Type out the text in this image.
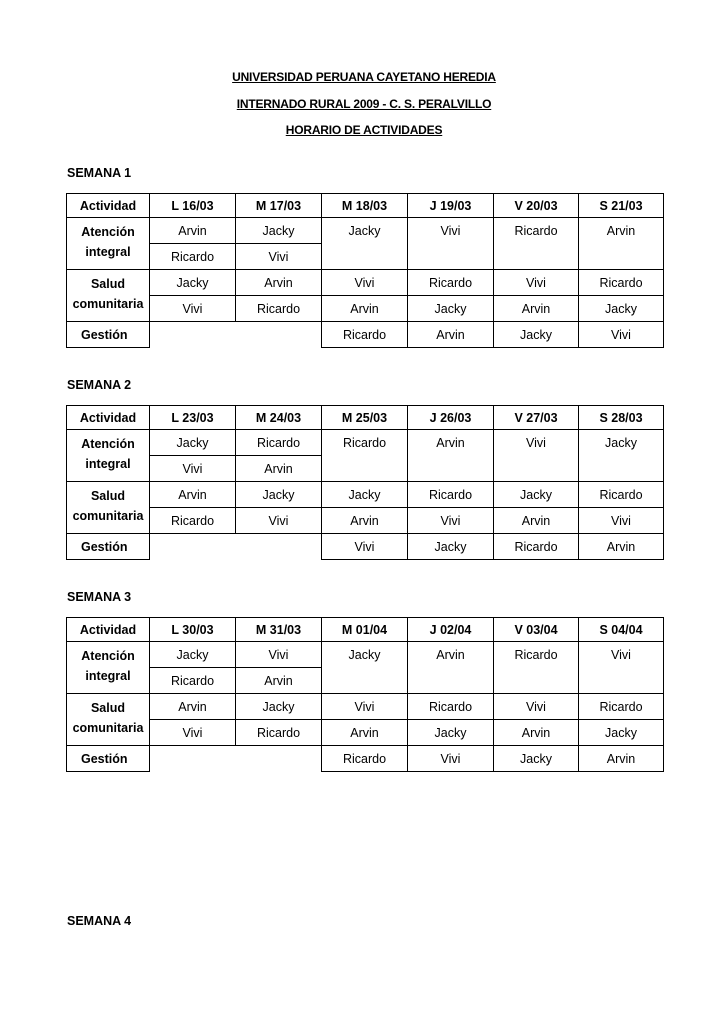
UNIVERSIDAD PERUANA CAYETANO HEREDIA
INTERNADO RURAL 2009 - C. S. PERALVILLO
HORARIO DE ACTIVIDADES
SEMANA 1
Actividad	L 16/03	M 17/03	M 18/03	J 19/03	V 20/03	S 21/03

Atención
integral	Arvin	Jacky	Jacky	Vivi	Ricardo	Arvin
	Ricardo	Vivi				

Salud
comunitaria	Jacky	Arvin	Vivi	Ricardo	Vivi	Ricardo
	Vivi	Ricardo	Arvin	Jacky	Arvin	Jacky
Gestión			Ricardo	Arvin	Jacky	Vivi
SEMANA 2
Actividad	L 23/03	M 24/03	M 25/03	J 26/03	V 27/03	S 28/03

Atención
integral	Jacky	Ricardo	Ricardo	Arvin	Vivi	Jacky
	Vivi	Arvin				

Salud
comunitaria	Arvin	Jacky	Jacky	Ricardo	Jacky	Ricardo
	Ricardo	Vivi	Arvin	Vivi	Arvin	Vivi
Gestión			Vivi	Jacky	Ricardo	Arvin
SEMANA 3
Actividad	L 30/03	M 31/03	M 01/04	J 02/04	V 03/04	S 04/04

Atención
integral	Jacky	Vivi	Jacky	Arvin	Ricardo	Vivi
	Ricardo	Arvin				

Salud
comunitaria	Arvin	Jacky	Vivi	Ricardo	Vivi	Ricardo
	Vivi	Ricardo	Arvin	Jacky	Arvin	Jacky
Gestión			Ricardo	Vivi	Jacky	Arvin
SEMANA 4
